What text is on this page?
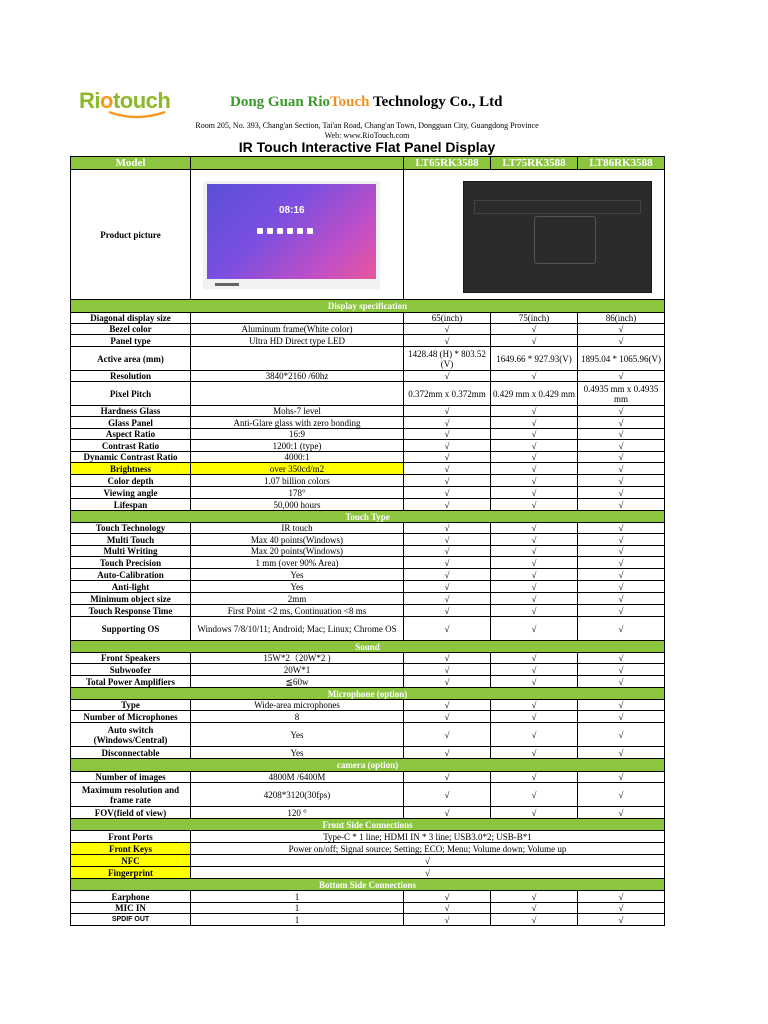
Riotouch	Dong Guan RioTouch Technology Co., Ltd
Room 205, No. 393, Chang'an Section, Tai'an Road, Chang'an Town, Dongguan City, Guangdong Province
Web: www.RioTouch.com
IR Touch Interactive Flat Panel Display
Model		LT65RK3588	LT75RK3588	LT86RK3588
Product picture	08:16			

Display specification				
Diagonal display size		65(inch)	75(inch)	86(inch)
Bezel color	Aluminum frame(White color)	√	√	√
Panel type	Ultra HD Direct type LED	√	√	√
Active area (mm)		1428.48 (H) * 803.52 (V)	1649.66 * 927.93(V)	1895.04 * 1065.96(V)
Resolution	3840*2160 /60hz	√	√	√
Pixel Pitch		0.372mm x 0.372mm	0.429 mm x 0.429 mm	0.4935 mm x 0.4935 mm
Hardness Glass	Mohs-7 level	√	√	√
Glass Panel	Anti-Glare glass with zero bonding	√	√	√
Aspect Ratio	16:9	√	√	√
Contrast Ratio	1200:1 (type)	√	√	√
Dynamic Contrast Ratio	4000:1	√	√	√
Brightness	over 350cd/m2	√	√	√
Color depth	1.07 billion colors	√	√	√
Viewing angle	178°	√	√	√
Lifespan	50,000 hours	√	√	√
Touch Type				
Touch Technology	IR touch	√	√	√
Multi Touch	Max 40 points(Windows)	√	√	√
Multi Writing	Max 20 points(Windows)	√	√	√
Touch Precision	1 mm (over 90% Area)	√	√	√
Auto-Calibration	Yes	√	√	√
Anti-light	Yes	√	√	√
Minimum object size	2mm	√	√	√
Touch Response Time	First Point <2 ms, Continuation <8 ms	√	√	√
Supporting OS	Windows 7/8/10/11; Android; Mac; Linux; Chrome OS	√	√	√
Sound				
Front Speakers	15W*2（20W*2 )	√	√	√
Subwoofer	20W*1	√	√	√
Total Power Amplifiers	≦60w	√	√	√
Microphone (option)				
Type	Wide-area microphones	√	√	√
Number of Microphones	8	√	√	√
Auto switch (Windows/Central)	Yes	√	√	√
Disconnectable	Yes	√	√	√
camera (option)				
Number of images	4800M /6400M	√	√	√
Maximum resolution and frame rate	4208*3120(30fps)	√	√	√
FOV(field of view)	120 °	√	√	√
Front Side Connections				
Front Ports	Type-C * 1 line; HDMI IN * 3 line; USB3.0*2; USB-B*1			
Front Keys	Power on/off; Signal source; Setting; ECO; Menu; Volume down; Volume up			
NFC	√			
Fingerprint	√			
Bottom Side Connections				
Earphone	1	√	√	√
MIC IN	1	√	√	√
SPDIF OUT	1	√	√	√
